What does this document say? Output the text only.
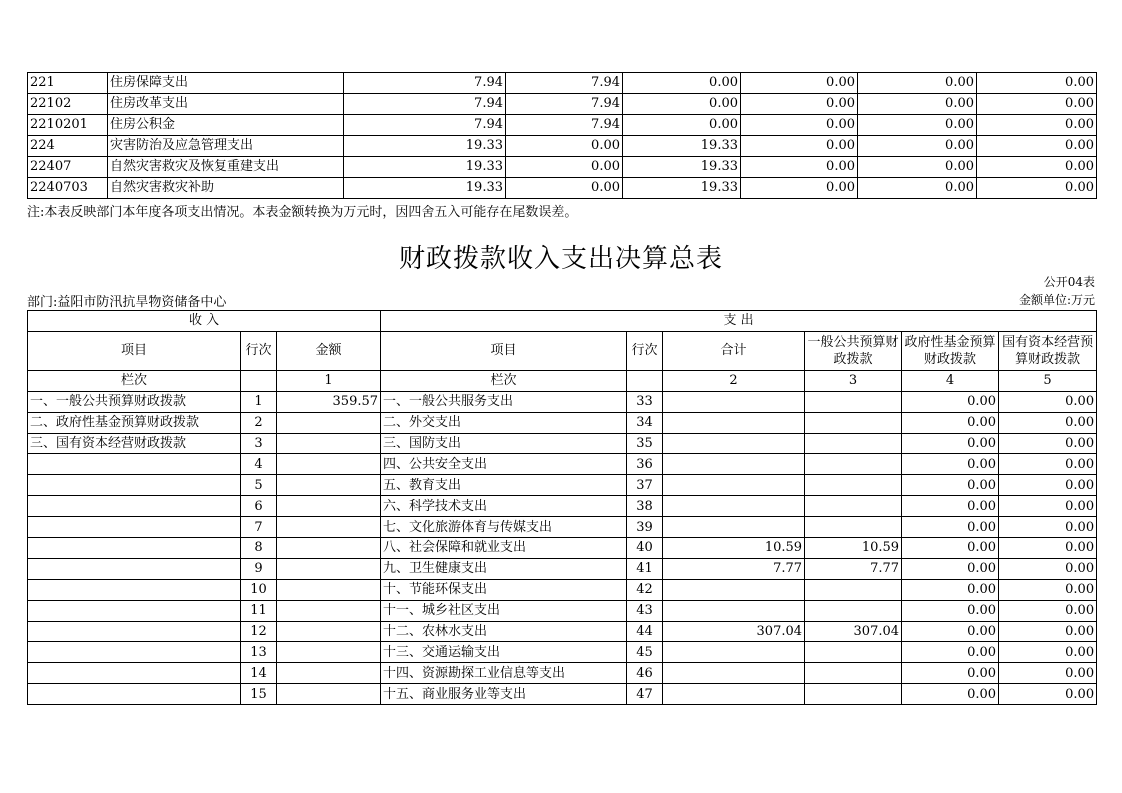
221	住房保障支出	7.94	7.94	0.00	0.00	0.00	0.00
22102	住房改革支出	7.94	7.94	0.00	0.00	0.00	0.00
2210201	住房公积金	7.94	7.94	0.00	0.00	0.00	0.00
224	灾害防治及应急管理支出	19.33	0.00	19.33	0.00	0.00	0.00
22407	自然灾害救灾及恢复重建支出	19.33	0.00	19.33	0.00	0.00	0.00
2240703	自然灾害救灾补助	19.33	0.00	19.33	0.00	0.00	0.00
注:本表反映部门本年度各项支出情况。本表金额转换为万元时，因四舍五入可能存在尾数误差。
财政拨款收入支出决算总表
公开04表
部门:益阳市防汛抗旱物资储备中心	金额单位:万元
收 入			支 出					
项目	行次	金额	项目	行次	合计	一般公共预算财政拨款	政府性基金预算财政拨款	国有资本经营预算财政拨款
栏次		1	栏次		2	3	4	5
一、一般公共预算财政拨款	1	359.57	一、一般公共服务支出	33			0.00	0.00
二、政府性基金预算财政拨款	2		二、外交支出	34			0.00	0.00
三、国有资本经营财政拨款	3		三、国防支出	35			0.00	0.00
	4		四、公共安全支出	36			0.00	0.00
	5		五、教育支出	37			0.00	0.00
	6		六、科学技术支出	38			0.00	0.00
	7		七、文化旅游体育与传媒支出	39			0.00	0.00
	8		八、社会保障和就业支出	40	10.59	10.59	0.00	0.00
	9		九、卫生健康支出	41	7.77	7.77	0.00	0.00
	10		十、节能环保支出	42			0.00	0.00
	11		十一、城乡社区支出	43			0.00	0.00
	12		十二、农林水支出	44	307.04	307.04	0.00	0.00
	13		十三、交通运输支出	45			0.00	0.00
	14		十四、资源勘探工业信息等支出	46			0.00	0.00
	15		十五、商业服务业等支出	47			0.00	0.00
